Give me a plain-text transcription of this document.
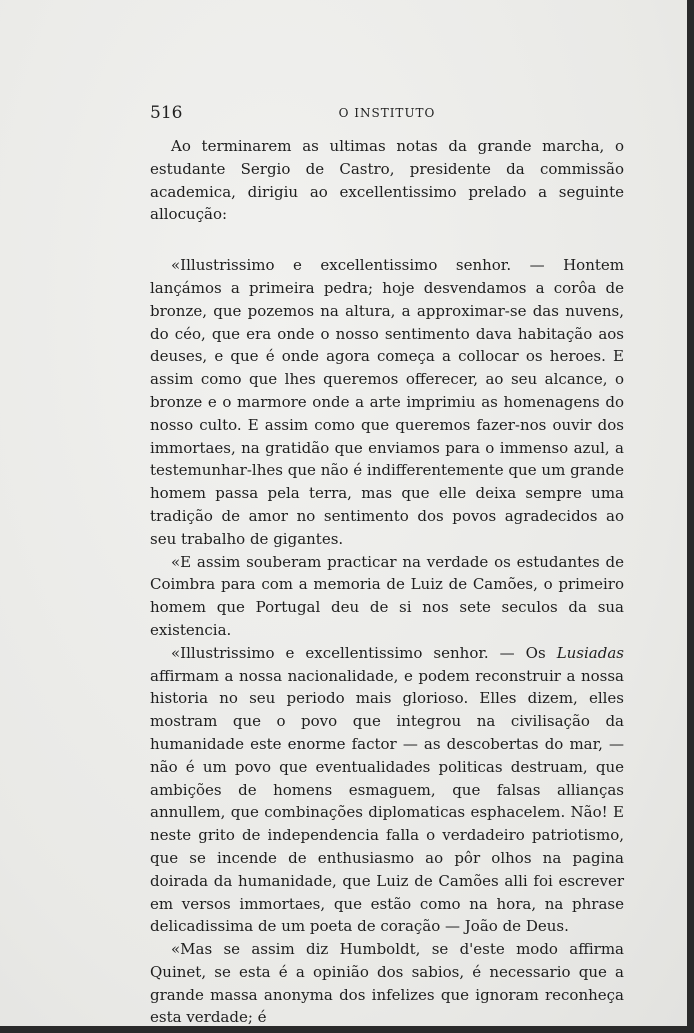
516	O INSTITUTO

Ao terminarem as ultimas notas da grande marcha, o estudante Sergio de Castro, presidente da commissão academica, dirigiu ao excellentissimo prelado a seguinte allocução:

«Illustrissimo e excellentissimo senhor. — Hontem lançámos a primeira pedra; hoje desvendamos a corôa de bronze, que pozemos na altura, a approximar-se das nuvens, do céo, que era onde o nosso sentimento dava habitação aos deuses, e que é onde agora começa a collocar os heroes. E assim como que lhes queremos offerecer, ao seu alcance, o bronze e o marmore onde a arte imprimiu as homenagens do nosso culto. E assim como que queremos fazer-nos ouvir dos immortaes, na gratidão que enviamos para o immenso azul, a testemunhar-lhes que não é indifferentemente que um grande homem passa pela terra, mas que elle deixa sempre uma tradição de amor no sentimento dos povos agradecidos ao seu trabalho de gigantes.

«E assim souberam practicar na verdade os estudantes de Coimbra para com a memoria de Luiz de Camões, o primeiro homem que Portugal deu de si nos sete seculos da sua existencia.

«Illustrissimo e excellentissimo senhor. — Os Lusiadas affirmam a nossa nacionalidade, e podem reconstruir a nossa historia no seu periodo mais glorioso. Elles dizem, elles mostram que o povo que integrou na civilisação da humanidade este enorme factor — as descobertas do mar, — não é um povo que eventualidades politicas destruam, que ambições de homens esmaguem, que falsas allianças annullem, que combinações diplomaticas esphacelem. Não! E neste grito de independencia falla o verdadeiro patriotismo, que se incende de enthusiasmo ao pôr olhos na pagina doirada da humanidade, que Luiz de Camões alli foi escrever em versos immortaes, que estão como na hora, na phrase delicadissima de um poeta de coração — João de Deus.

«Mas se assim diz Humboldt, se d'este modo affirma Quinet, se esta é a opinião dos sabios, é necessario que a grande massa anonyma dos infelizes que ignoram reconheça esta verdade; é
